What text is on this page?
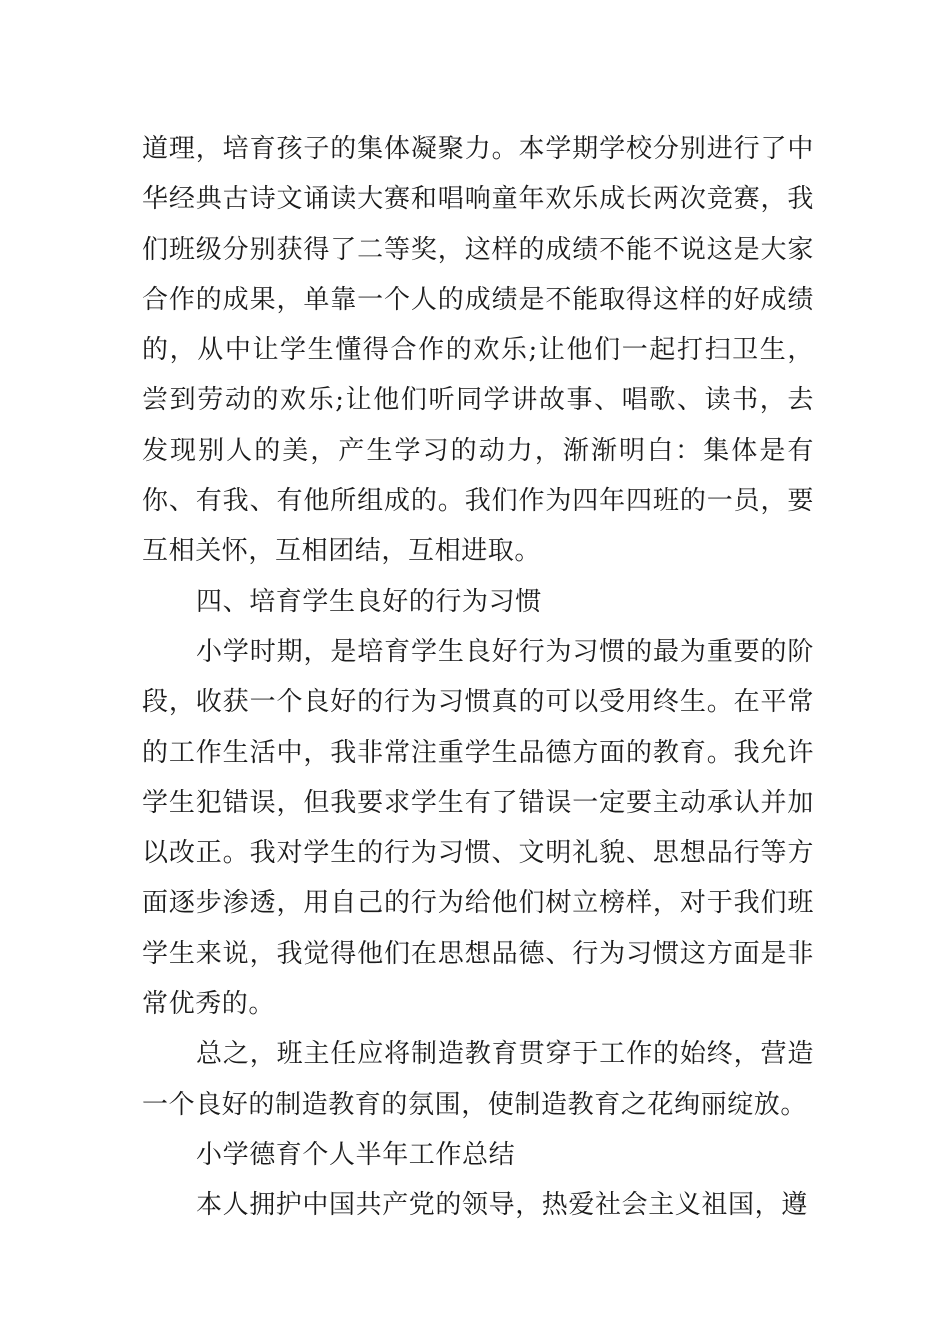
道理，培育孩子的集体凝聚力。本学期学校分别进行了中华经典古诗文诵读大赛和唱响童年欢乐成长两次竞赛，我们班级分别获得了二等奖，这样的成绩不能不说这是大家合作的成果，单靠一个人的成绩是不能取得这样的好成绩的，从中让学生懂得合作的欢乐;让他们一起打扫卫生，尝到劳动的欢乐;让他们听同学讲故事、唱歌、读书，去发现别人的美，产生学习的动力，渐渐明白：集体是有你、有我、有他所组成的。我们作为四年四班的一员，要互相关怀，互相团结，互相进取。

四、培育学生良好的行为习惯

小学时期，是培育学生良好行为习惯的最为重要的阶段，收获一个良好的行为习惯真的可以受用终生。在平常的工作生活中，我非常注重学生品德方面的教育。我允许学生犯错误，但我要求学生有了错误一定要主动承认并加以改正。我对学生的行为习惯、文明礼貌、思想品行等方面逐步渗透，用自己的行为给他们树立榜样，对于我们班学生来说，我觉得他们在思想品德、行为习惯这方面是非常优秀的。

总之，班主任应将制造教育贯穿于工作的始终，营造一个良好的制造教育的氛围，使制造教育之花绚丽绽放。

小学德育个人半年工作总结

本人拥护中国共产党的领导，热爱社会主义祖国，遵
